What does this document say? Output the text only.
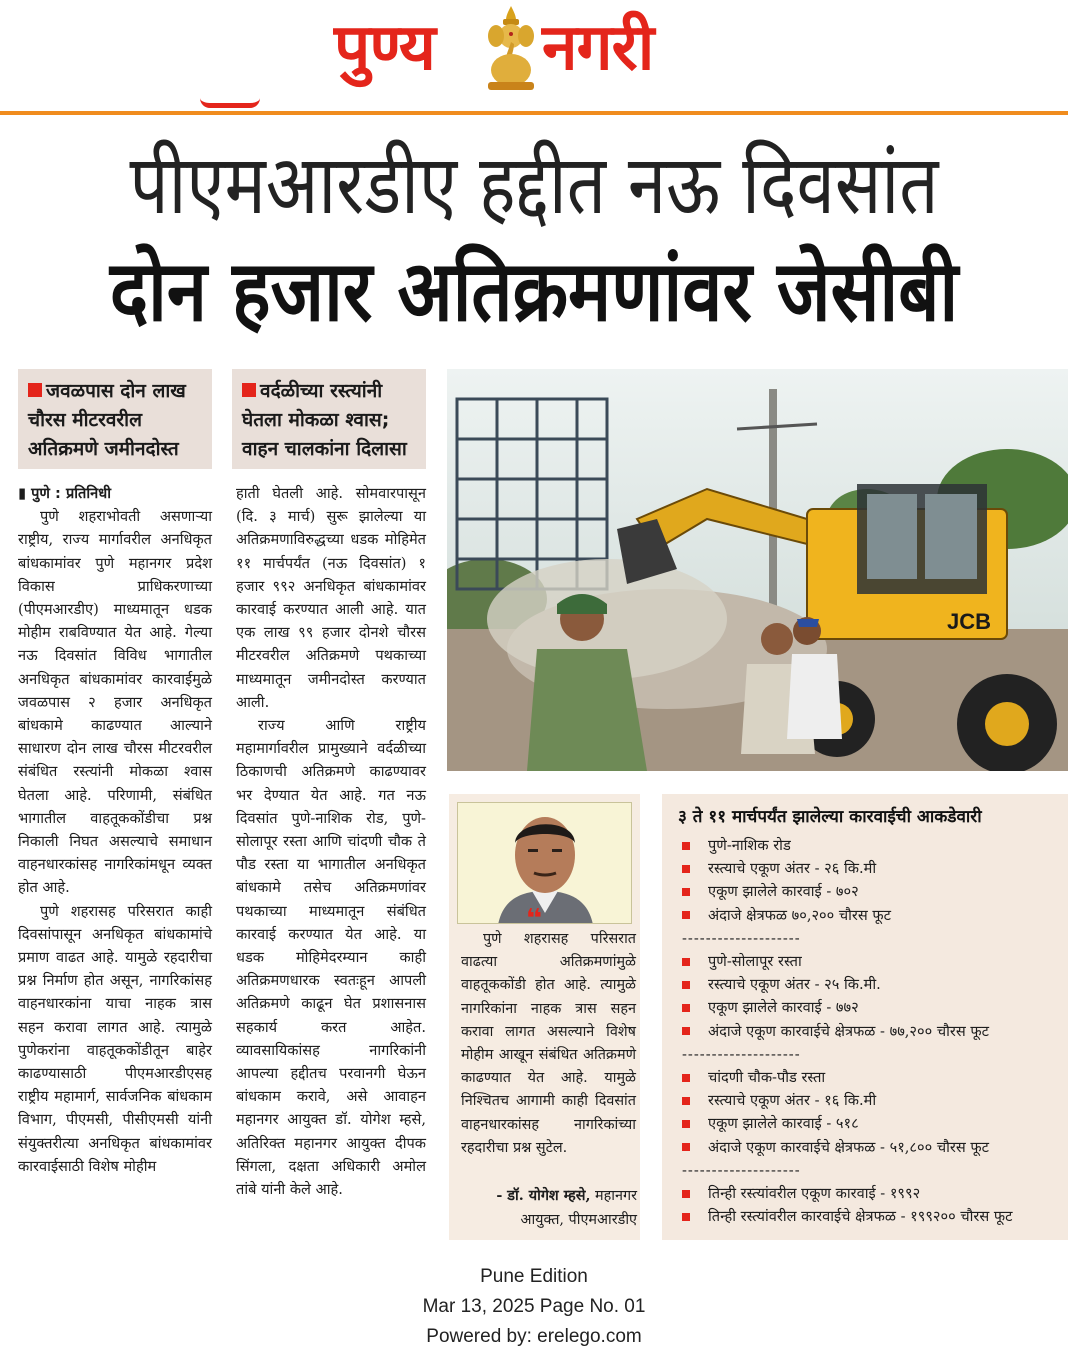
पुण्य नगरी
पीएमआरडीए हद्दीत नऊ दिवसांत
दोन हजार अतिक्रमणांवर जेसीबी
जवळपास दोन लाख चौरस मीटरवरील अतिक्रमणे जमीनदोस्त
वर्दळीच्या रस्त्यांनी घेतला मोकळा श्वास; वाहन चालकांना दिलासा
▮ पुणे : प्रतिनिधी
पुणे शहराभोवती असणाऱ्या राष्ट्रीय, राज्य मार्गावरील अनधिकृत बांधकामांवर पुणे महानगर प्रदेश विकास प्राधिकरणाच्या (पीएमआरडीए) माध्यमातून धडक मोहीम राबविण्यात येत आहे. गेल्या नऊ दिवसांत विविध भागातील अनधिकृत बांधकामांवर कारवाईमुळे जवळपास २ हजार अनधिकृत बांधकामे काढण्यात आल्याने साधारण दोन लाख चौरस मीटरवरील संबंधित रस्त्यांनी मोकळा श्वास घेतला आहे. परिणामी, संबंधित भागातील वाहतूककोंडीचा प्रश्न निकाली निघत असल्याचे समाधान वाहनधारकांसह नागरिकांमधून व्यक्त होत आहे.
पुणे शहरासह परिसरात काही दिवसांपासून अनधिकृत बांधकामांचे प्रमाण वाढत आहे. यामुळे रहदारीचा प्रश्न निर्माण होत असून, नागरिकांसह वाहनधारकांना याचा नाहक त्रास सहन करावा लागत आहे. त्यामुळे पुणेकरांना वाहतूककोंडीतून बाहेर काढण्यासाठी पीएमआरडीएसह राष्ट्रीय महामार्ग, सार्वजनिक बांधकाम विभाग, पीएमसी, पीसीएमसी यांनी संयुक्तरीत्या अनधिकृत बांधकामांवर कारवाईसाठी विशेष मोहीम
हाती घेतली आहे. सोमवारपासून (दि. ३ मार्च) सुरू झालेल्या या अतिक्रमणाविरुद्धच्या धडक मोहिमेत ११ मार्चपर्यंत (नऊ दिवसांत) १ हजार ९९२ अनधिकृत बांधकामांवर कारवाई करण्यात आली आहे. यात एक लाख ९९ हजार दोनशे चौरस मीटरवरील अतिक्रमणे पथकाच्या माध्यमातून जमीनदोस्त करण्यात आली.
राज्य आणि राष्ट्रीय महामार्गावरील प्रामुख्याने वर्दळीच्या ठिकाणची अतिक्रमणे काढण्यावर भर देण्यात येत आहे. गत नऊ दिवसांत पुणे-नाशिक रोड, पुणे-सोलापूर रस्ता आणि चांदणी चौक ते पौड रस्ता या भागातील अनधिकृत बांधकामे तसेच अतिक्रमणांवर पथकाच्या माध्यमातून संबंधित कारवाई करण्यात येत आहे. या धडक मोहिमेदरम्यान काही अतिक्रमणधारक स्वतःहून आपली अतिक्रमणे काढून घेत प्रशासनास सहकार्य करत आहेत. व्यावसायिकांसह नागरिकांनी आपल्या हद्दीतच परवानगी घेऊन बांधकाम करावे, असे आवाहन महानगर आयुक्त डॉ. योगेश म्हसे, अतिरिक्त महानगर आयुक्त दीपक सिंगला, दक्षता अधिकारी अमोल तांबे यांनी केले आहे.
JCB
❛❛
पुणे शहरासह परिसरात वाढत्या अतिक्रमणांमुळे वाहतूककोंडी होत आहे. त्यामुळे नागरिकांना नाहक त्रास सहन करावा लागत असल्याने विशेष मोहीम आखून संबंधित अतिक्रमणे काढण्यात येत आहे. यामुळे निश्चितच आगामी काही दिवसांत वाहनधारकांसह नागरिकांच्या रहदारीचा प्रश्न सुटेल.
- डॉ. योगेश म्हसे, महानगर
आयुक्त, पीएमआरडीए
३ ते ११ मार्चपर्यंत झालेल्या कारवाईची आकडेवारी
पुणे-नाशिक रोड
रस्त्याचे एकूण अंतर - २६ कि.मी
एकूण झालेले कारवाई - ७०२
अंदाजे क्षेत्रफळ ७०,२०० चौरस फूट
--------------------
पुणे-सोलापूर रस्ता
रस्त्याचे एकूण अंतर - २५ कि.मी.
एकूण झालेले कारवाई - ७७२
अंदाजे एकूण कारवाईचे क्षेत्रफळ - ७७,२०० चौरस फूट
--------------------
चांदणी चौक-पौड रस्ता
रस्त्याचे एकूण अंतर - १६ कि.मी
एकूण झालेले कारवाई - ५१८
अंदाजे एकूण कारवाईचे क्षेत्रफळ - ५१,८०० चौरस फूट
--------------------
तिन्ही रस्त्यांवरील एकूण कारवाई - १९९२
तिन्ही रस्त्यांवरील कारवाईचे क्षेत्रफळ - १९९२०० चौरस फूट
Pune Edition
Mar 13, 2025 Page No. 01
Powered by: erelego.com
